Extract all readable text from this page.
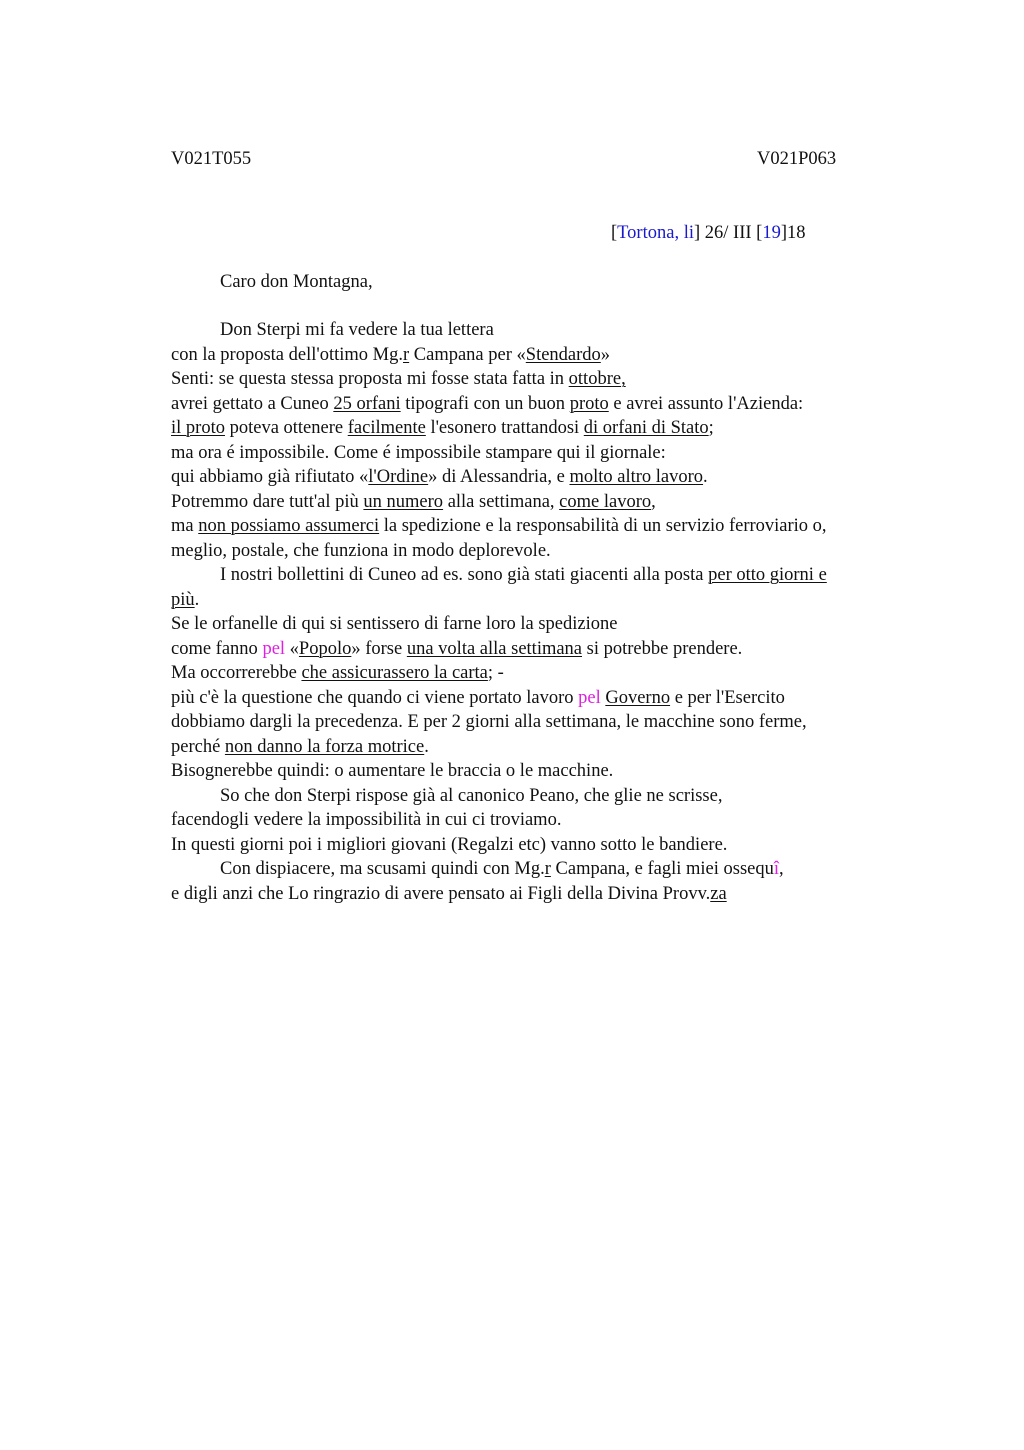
V021T055	V021P063
[Tortona, li] 26/ III [19]18
Caro don Montagna,
Don Sterpi mi fa vedere la tua lettera
con la proposta dell'ottimo Mg.r Campana per «Stendardo»
Senti: se questa stessa proposta mi fosse stata fatta in ottobre,
avrei gettato a Cuneo 25 orfani tipografi con un buon proto e avrei assunto l'Azienda:
il proto poteva ottenere facilmente l'esonero trattandosi di orfani di Stato;
ma ora é impossibile. Come é impossibile stampare qui il giornale:
qui abbiamo già rifiutato «l'Ordine» di Alessandria, e molto altro lavoro.
Potremmo dare tutt'al più un numero alla settimana, come lavoro,
ma non possiamo assumerci la spedizione e la responsabilità di un servizio ferroviario o,
meglio, postale, che funziona in modo deplorevole.
I nostri bollettini di Cuneo ad es. sono già stati giacenti alla posta per otto giorni e
più.
Se le orfanelle di qui si sentissero di farne loro la spedizione
come fanno pel «Popolo» forse una volta alla settimana si potrebbe prendere.
Ma occorrerebbe che assicurassero la carta; -
più c'è la questione che quando ci viene portato lavoro pel Governo e per l'Esercito
dobbiamo dargli la precedenza. E per 2 giorni alla settimana, le macchine sono ferme,
perché non danno la forza motrice.
Bisognerebbe quindi: o aumentare le braccia o le macchine.
So che don Sterpi rispose già al canonico Peano, che glie ne scrisse,
facendogli vedere la impossibilità in cui ci troviamo.
In questi giorni poi i migliori giovani (Regalzi etc) vanno sotto le bandiere.
Con dispiacere, ma scusami quindi con Mg.r Campana, e fagli miei ossequî,
e digli anzi che Lo ringrazio di avere pensato ai Figli della Divina Provv.za
